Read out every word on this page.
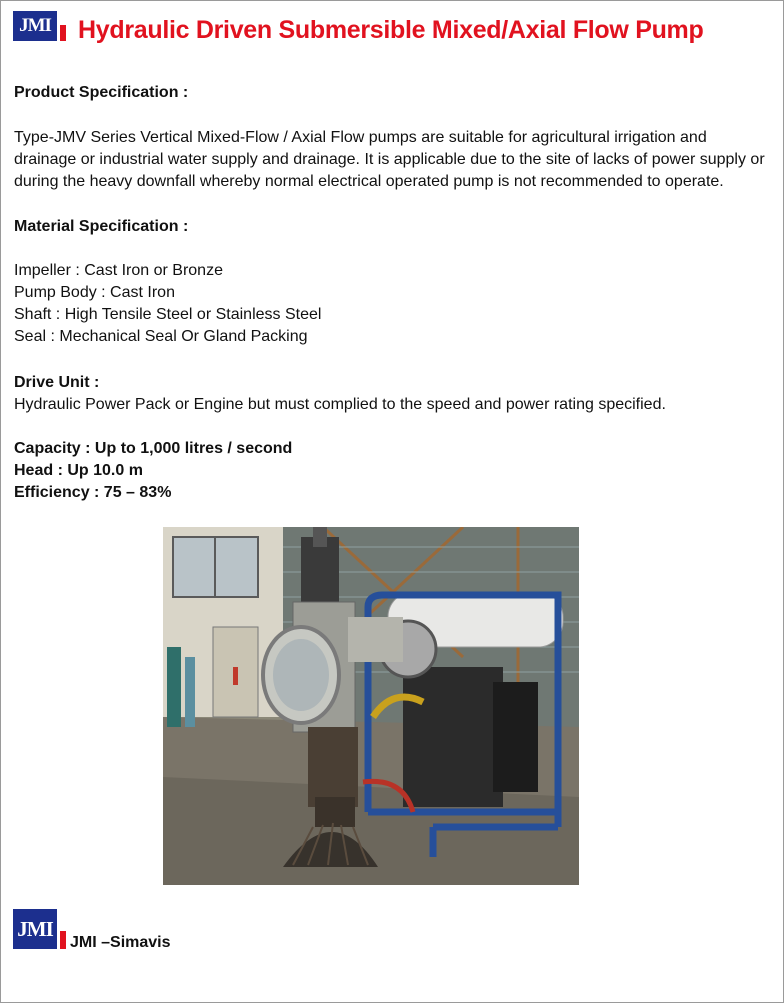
JMI Hydraulic Driven Submersible Mixed/Axial Flow Pump
Product Specification :
Type-JMV Series Vertical Mixed-Flow / Axial Flow pumps are suitable for agricultural irrigation and
drainage or industrial water supply and drainage. It is applicable due to the site of lacks of power supply or
during the heavy downfall whereby normal electrical operated pump is not recommended to operate.
Material Specification :
Impeller : Cast Iron or Bronze
Pump Body : Cast Iron
Shaft : High Tensile Steel or Stainless Steel
Seal : Mechanical Seal Or Gland Packing
Drive Unit :
Hydraulic Power Pack or Engine but must complied to the speed and power rating specified.
Capacity : Up to 1,000 litres / second
Head : Up 10.0 m
Efficiency : 75 – 83%
JMI
JMI –Simavis
